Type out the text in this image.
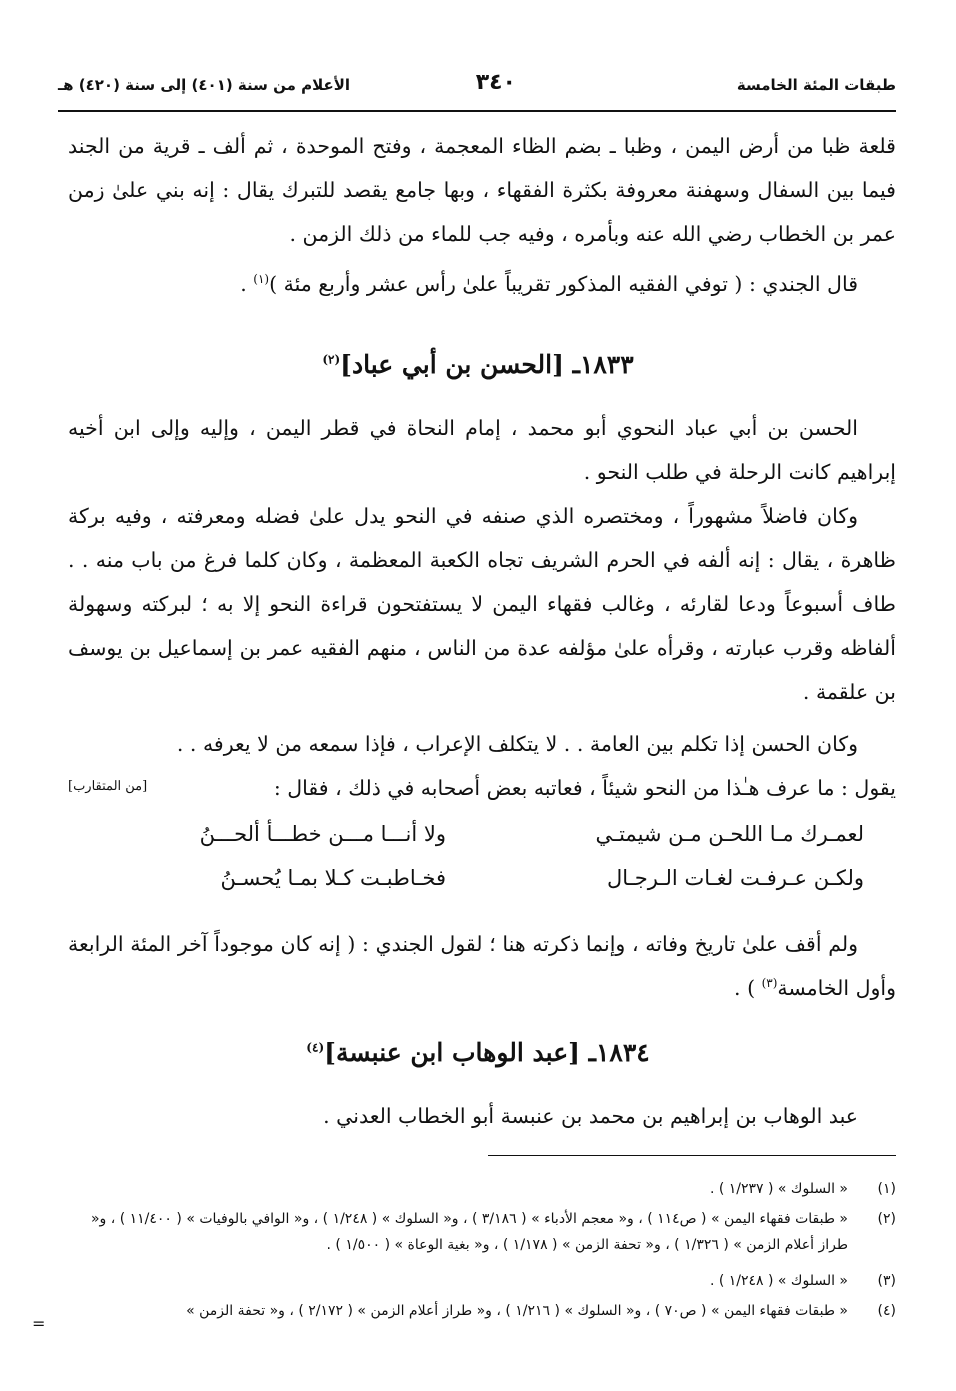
طبقات المئة الخامسة
٣٤٠
الأعلام من سنة (٤٠١) إلى سنة (٤٢٠) هـ

قلعة ظبا من أرض اليمن ، وظبا ـ بضم الظاء المعجمة ، وفتح الموحدة ، ثم ألف ـ قرية من الجند فيما بين السفال وسهفنة معروفة بكثرة الفقهاء ، وبها جامع يقصد للتبرك يقال : إنه بني علىٰ زمن عمر بن الخطاب رضي الله عنه وبأمره ، وفيه جب للماء من ذلك الزمن .

قال الجندي : ( توفي الفقيه المذكور تقريباً علىٰ رأس عشر وأربع مئة )$^{(١)}$ .

١٨٣٣ـ [الحسن بن أبي عباد]$^{(٢)}$

الحسن بن أبي عباد النحوي أبو محمد ، إمام النحاة في قطر اليمن ، وإليه وإلى ابن أخيه إبراهيم كانت الرحلة في طلب النحو .

وكان فاضلاً مشهوراً ، ومختصره الذي صنفه في النحو يدل علىٰ فضله ومعرفته ، وفيه بركة ظاهرة ، يقال : إنه ألفه في الحرم الشريف تجاه الكعبة المعظمة ، وكان كلما فرغ من باب منه . . طاف أسبوعاً ودعا لقارئه ، وغالب فقهاء اليمن لا يستفتحون قراءة النحو إلا به ؛ لبركته وسهولة ألفاظه وقرب عبارته ، وقرأه علىٰ مؤلفه عدة من الناس ، منهم الفقيه عمر بن إسماعيل بن يوسف بن علقمة .

وكان الحسن إذا تكلم بين العامة . . لا يتكلف الإعراب ، فإذا سمعه من لا يعرفه . .

يقول : ما عرف هـٰذا من النحو شيئاً ، فعاتبه بعض أصحابه في ذلك ، فقال :

[من المتقارب]
لعمـرك مـا اللحـن مـن شيمتـي
ولا أنـــا مـــن خطـــأ ألحـــنُ
ولكـن عـرفـت لغـات الـرجـال
فخـاطبـت كـلا بمـا يُحسـنُ

ولم أقف علىٰ تاريخ وفاته ، وإنما ذكرته هنا ؛ لقول الجندي : ( إنه كان موجوداً آخر المئة الرابعة وأول الخامسة$^{(٣)}$ ) .

١٨٣٤ـ [عبد الوهاب ابن عنبسة]$^{(٤)}$

عبد الوهاب بن إبراهيم بن محمد بن عنبسة أبو الخطاب العدني .

(١)« السلوك » ( ١/٢٣٧ ) .

(٢)
« طبقات فقهاء اليمن » ( ص١١٤ ) ، و« معجم الأدباء » ( ٣/١٨٦ ) ، و« السلوك » ( ١/٢٤٨ ) ، و« الوافي بالوفيات » ( ١١/٤٠٠ ) ، و« طراز أعلام الزمن » ( ١/٣٢٦ ) ، و« تحفة الزمن » ( ١/١٧٨ ) ، و« بغية الوعاة » ( ١/٥٠٠ ) .

(٣)« السلوك » ( ١/٢٤٨ ) .

(٤)« طبقات فقهاء اليمن » ( ص٧٠ ) ، و« السلوك » ( ١/٢١٦ ) ، و« طراز أعلام الزمن » ( ٢/١٧٢ ) ، و« تحفة الزمن »

=
